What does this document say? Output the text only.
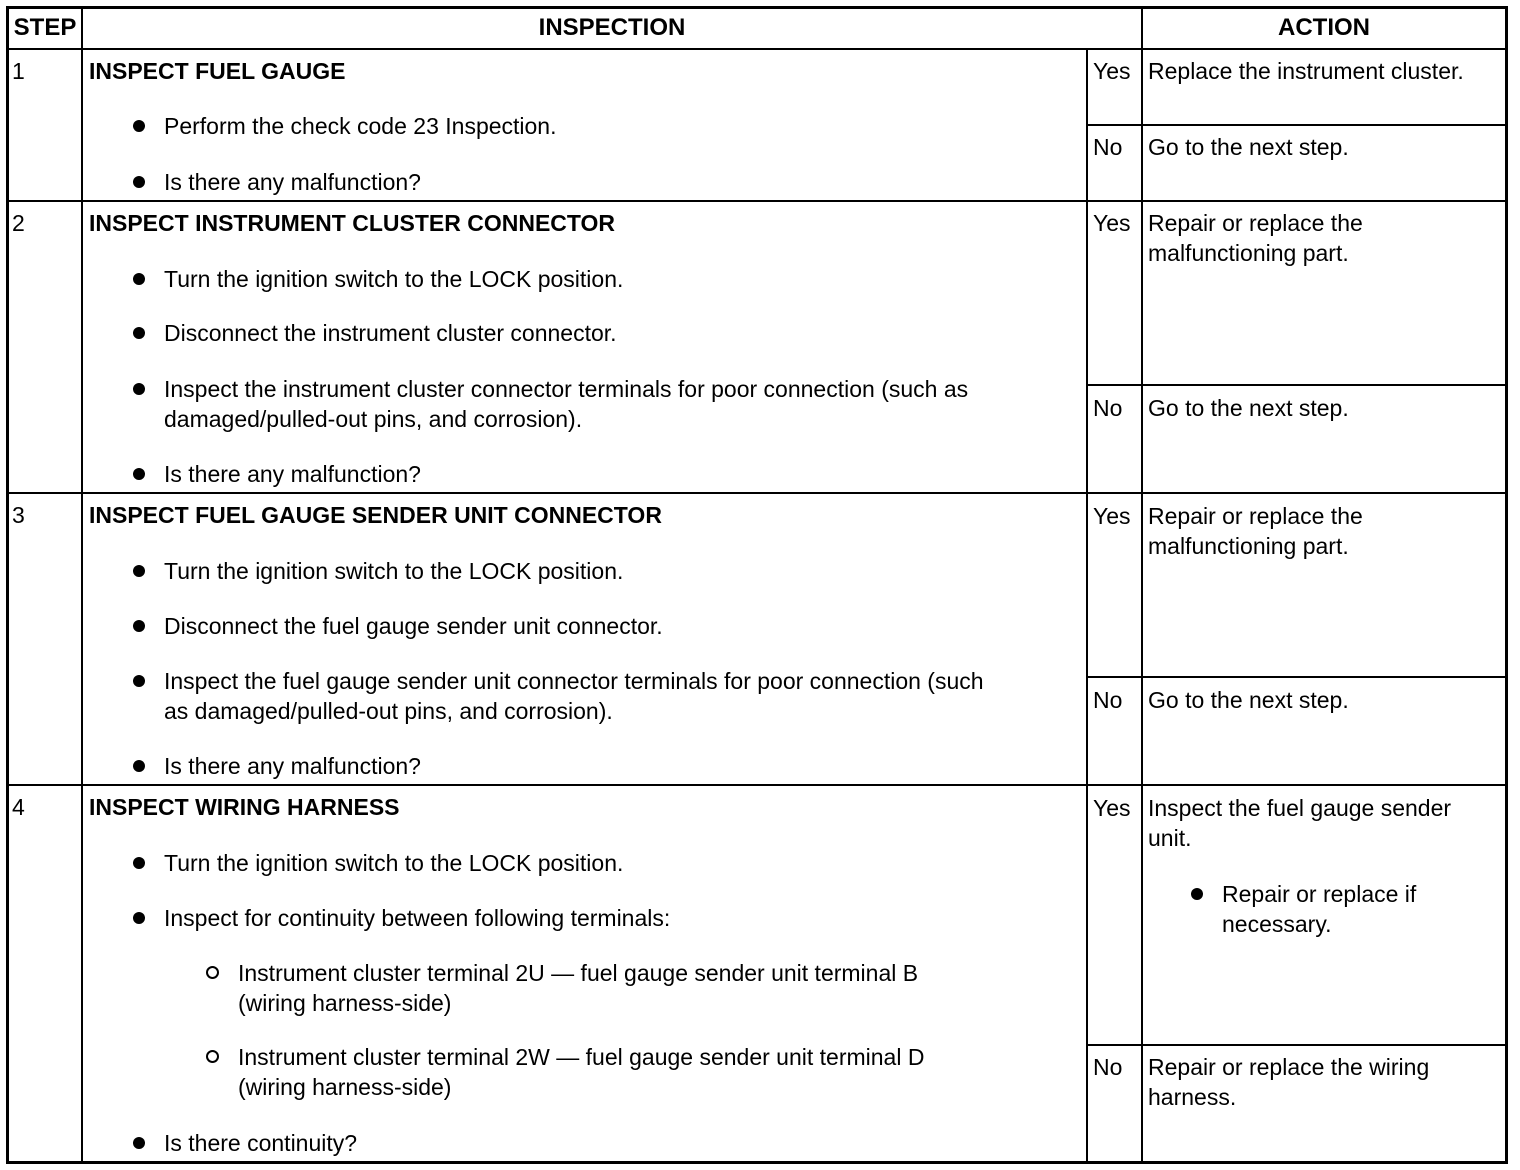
STEP	INSPECTION	ACTION
1	INSPECT FUEL GAUGE
Perform the check code 23 Inspection.
Is there any malfunction?
Yes Replace the instrument cluster.
No Go to the next step.
2	INSPECT INSTRUMENT CLUSTER CONNECTOR
Turn the ignition switch to the LOCK position.
Disconnect the instrument cluster connector.
Inspect the instrument cluster connector terminals for poor connection (such as
damaged/pulled-out pins, and corrosion).
Is there any malfunction?
Yes Repair or replace the
malfunctioning part.
No Go to the next step.
3	INSPECT FUEL GAUGE SENDER UNIT CONNECTOR
Turn the ignition switch to the LOCK position.
Disconnect the fuel gauge sender unit connector.
Inspect the fuel gauge sender unit connector terminals for poor connection (such
as damaged/pulled-out pins, and corrosion).
Is there any malfunction?
Yes Repair or replace the
malfunctioning part.
No Go to the next step.
4	INSPECT WIRING HARNESS
Turn the ignition switch to the LOCK position.
Inspect for continuity between following terminals:
Instrument cluster terminal 2U — fuel gauge sender unit terminal B
(wiring harness-side)
Instrument cluster terminal 2W — fuel gauge sender unit terminal D
(wiring harness-side)
Is there continuity?
Yes Inspect the fuel gauge sender
unit.
Repair or replace if
necessary.
No Repair or replace the wiring
harness.
